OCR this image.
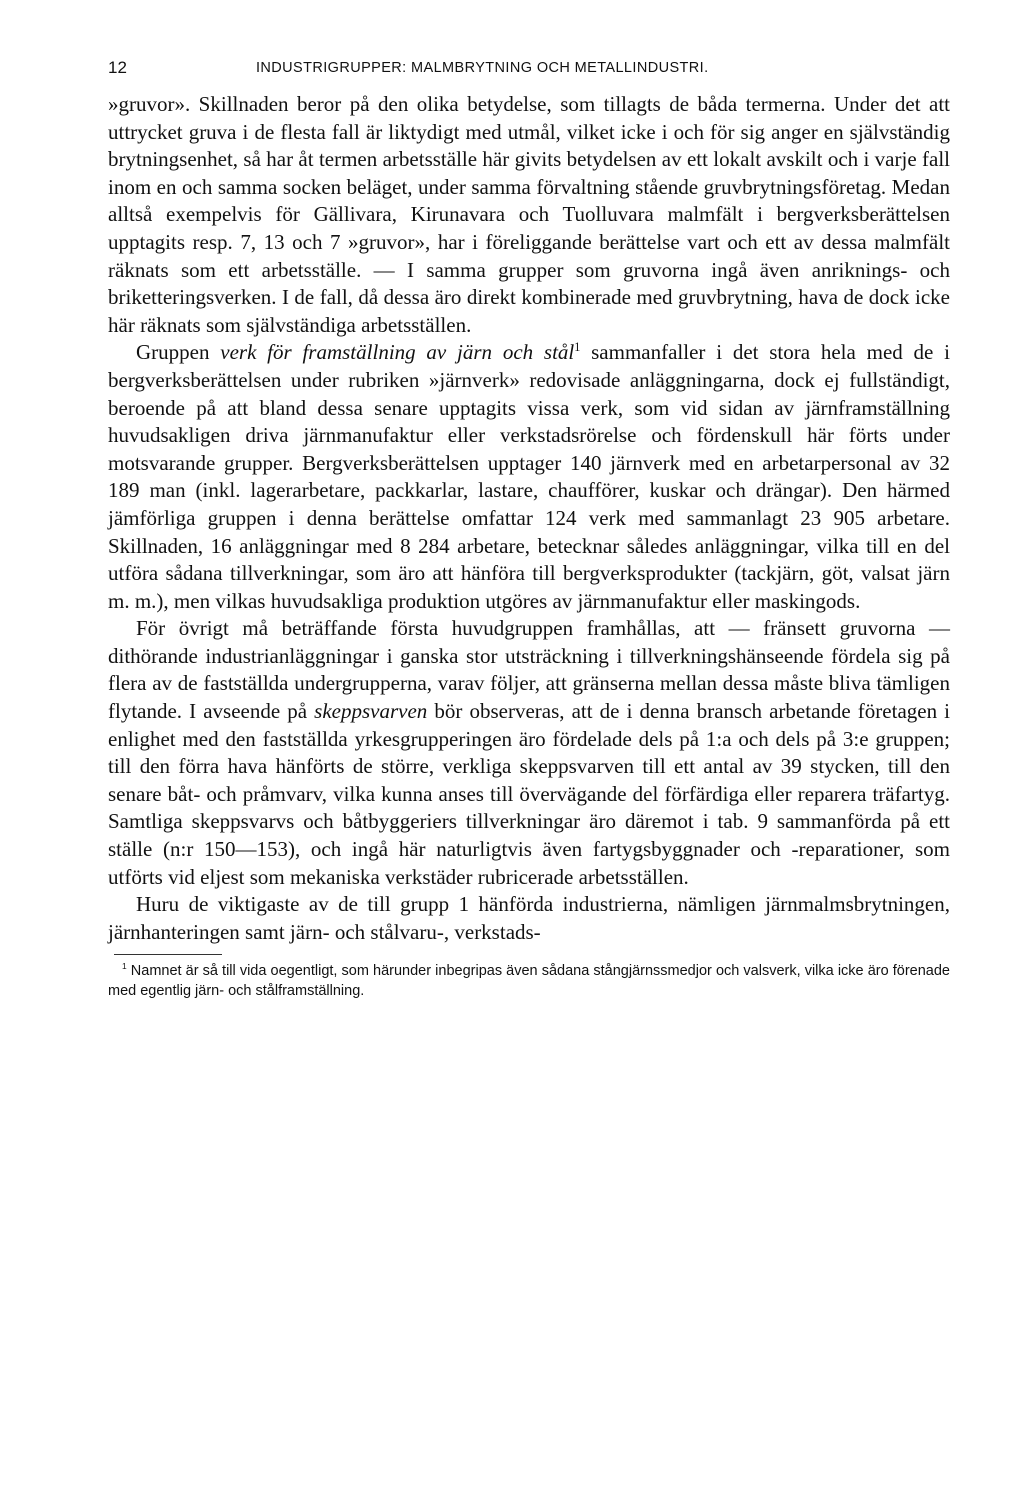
12	INDUSTRIGRUPPER: MALMBRYTNING OCH METALLINDUSTRI.

»gruvor». Skillnaden beror på den olika betydelse, som tillagts de båda termerna. Under det att uttrycket gruva i de flesta fall är liktydigt med utmål, vilket icke i och för sig anger en självständig brytningsenhet, så har åt termen arbetsställe här givits betydelsen av ett lokalt avskilt och i varje fall inom en och samma socken beläget, under samma förvaltning stående gruvbrytningsföretag. Medan alltså exempelvis för Gällivara, Kirunavara och Tuolluvara malmfält i bergverksberättelsen upptagits resp. 7, 13 och 7 »gruvor», har i föreliggande berättelse vart och ett av dessa malmfält räknats som ett arbetsställe. — I samma grupper som gruvorna ingå även anriknings- och briketteringsverken. I de fall, då dessa äro direkt kombinerade med gruvbrytning, hava de dock icke här räknats som självständiga arbetsställen.

Gruppen verk för framställning av järn och stål$^1$ sammanfaller i det stora hela med de i bergverksberättelsen under rubriken »järnverk» redovisade anläggningarna, dock ej fullständigt, beroende på att bland dessa senare upptagits vissa verk, som vid sidan av järnframställning huvudsakligen driva järnmanufaktur eller verkstadsrörelse och fördenskull här förts under motsvarande grupper. Bergverksberättelsen upptager 140 järnverk med en arbetarpersonal av 32 189 man (inkl. lagerarbetare, packkarlar, lastare, chaufförer, kuskar och drängar). Den härmed jämförliga gruppen i denna berättelse omfattar 124 verk med sammanlagt 23 905 arbetare. Skillnaden, 16 anläggningar med 8 284 arbetare, betecknar således anläggningar, vilka till en del utföra sådana tillverkningar, som äro att hänföra till bergverksprodukter (tackjärn, göt, valsat järn m. m.), men vilkas huvudsakliga produktion utgöres av järnmanufaktur eller maskingods.

För övrigt må beträffande första huvudgruppen framhållas, att — fränsett gruvorna — dithörande industrianläggningar i ganska stor utsträckning i tillverkningshänseende fördela sig på flera av de fastställda undergrupperna, varav följer, att gränserna mellan dessa måste bliva tämligen flytande. I avseende på skeppsvarven bör observeras, att de i denna bransch arbetande företagen i enlighet med den fastställda yrkesgrupperingen äro fördelade dels på 1:a och dels på 3:e gruppen; till den förra hava hänförts de större, verkliga skeppsvarven till ett antal av 39 stycken, till den senare båt- och pråmvarv, vilka kunna anses till övervägande del förfärdiga eller reparera träfartyg. Samtliga skeppsvarvs och båtbyggeriers tillverkningar äro däremot i tab. 9 sammanförda på ett ställe (n:r 150—153), och ingå här naturligtvis även fartygsbyggnader och -reparationer, som utförts vid eljest som mekaniska verkstäder rubricerade arbetsställen.

Huru de viktigaste av de till grupp 1 hänförda industrierna, nämligen järnmalmsbrytningen, järnhanteringen samt järn- och stålvaru-, verkstads-

$^1$ Namnet är så till vida oegentligt, som härunder inbegripas även sådana stångjärnssmedjor och valsverk, vilka icke äro förenade med egentlig järn- och stålframställning.
